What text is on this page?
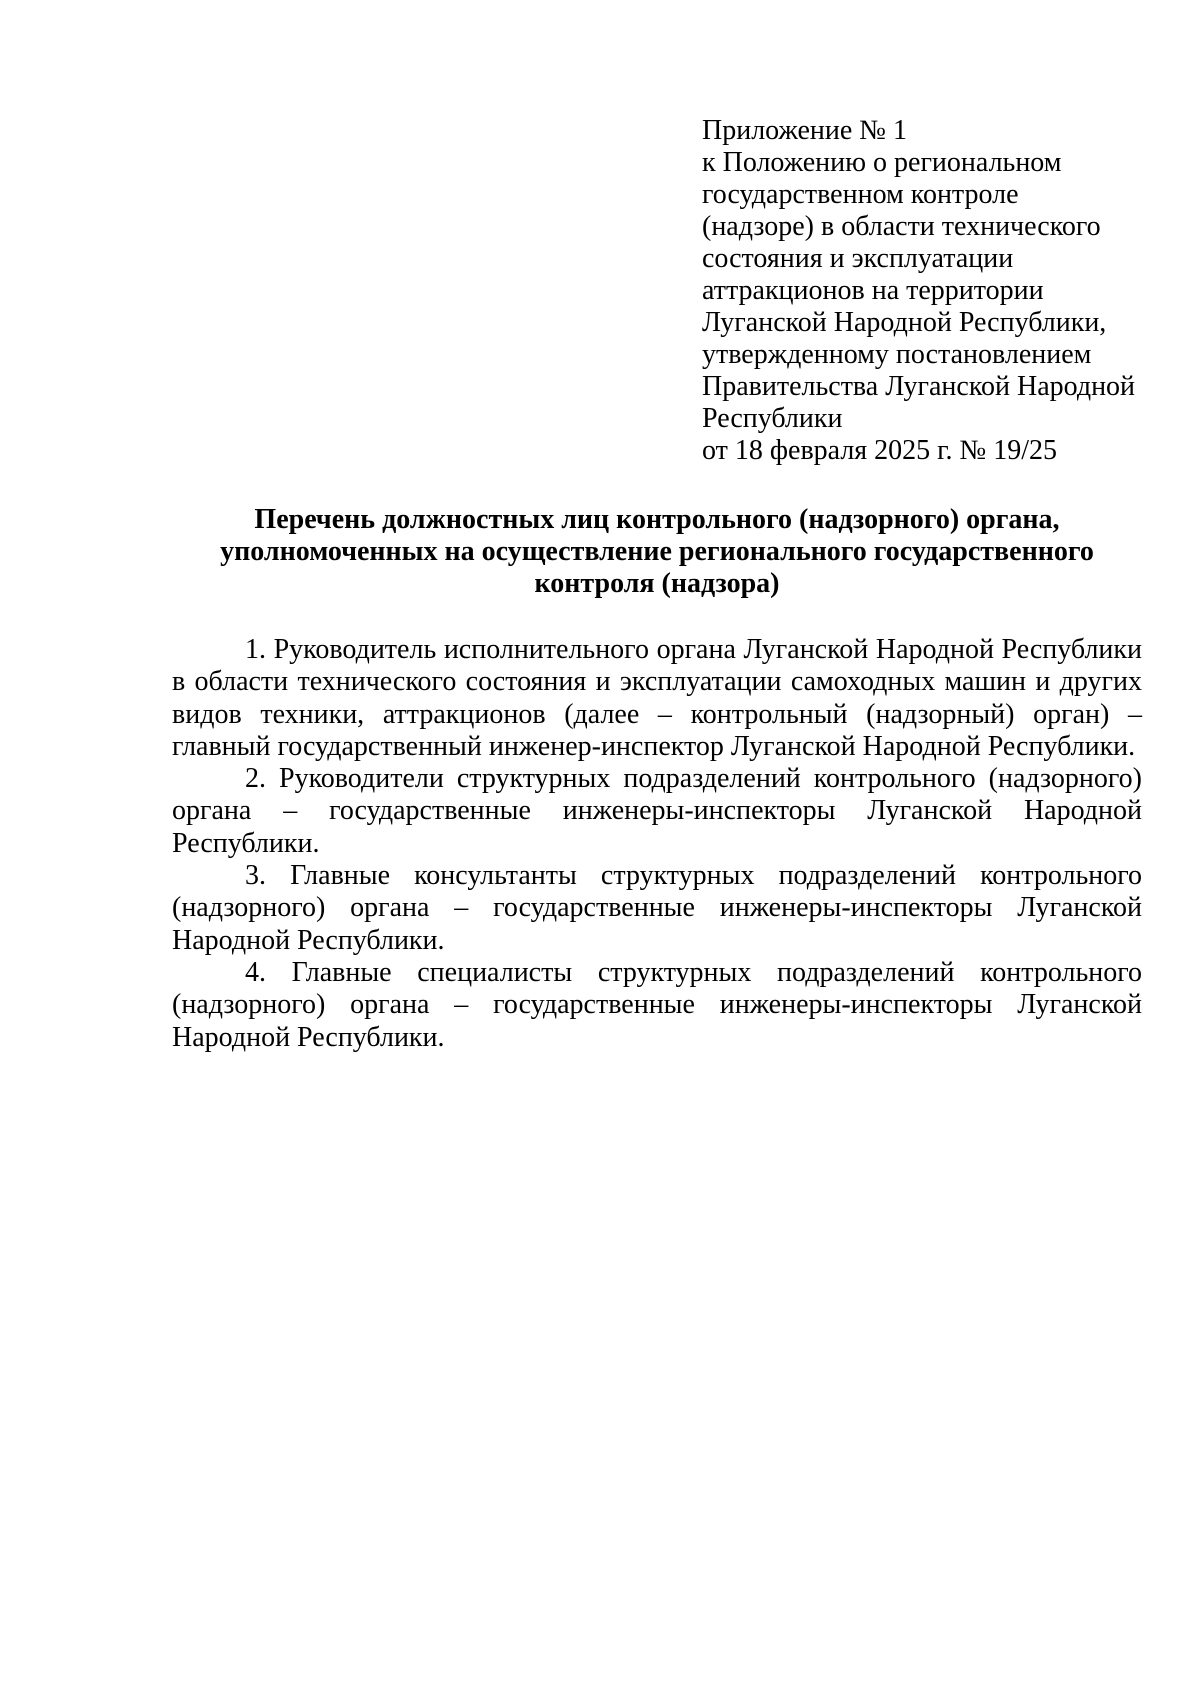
Приложение № 1
к Положению о региональном
государственном контроле
(надзоре) в области технического
состояния и эксплуатации
аттракционов на территории
Луганской Народной Республики,
утвержденному постановлением
Правительства Луганской Народной
Республики
от 18 февраля 2025 г. № 19/25
Перечень должностных лиц контрольного (надзорного) органа,
уполномоченных на осуществление регионального государственного
контроля (надзора)

1. Руководитель исполнительного органа Луганской Народной Республики в области технического состояния и эксплуатации самоходных машин и других видов техники, аттракционов (далее – контрольный (надзорный) орган) – главный государственный инженер-инспектор Луганской Народной Республики.

2. Руководители структурных подразделений контрольного (надзорного) органа – государственные инженеры-инспекторы Луганской Народной Республики.

3. Главные консультанты структурных подразделений контрольного (надзорного) органа – государственные инженеры-инспекторы Луганской Народной Республики.

4. Главные специалисты структурных подразделений контрольного (надзорного) органа – государственные инженеры-инспекторы Луганской Народной Республики.
